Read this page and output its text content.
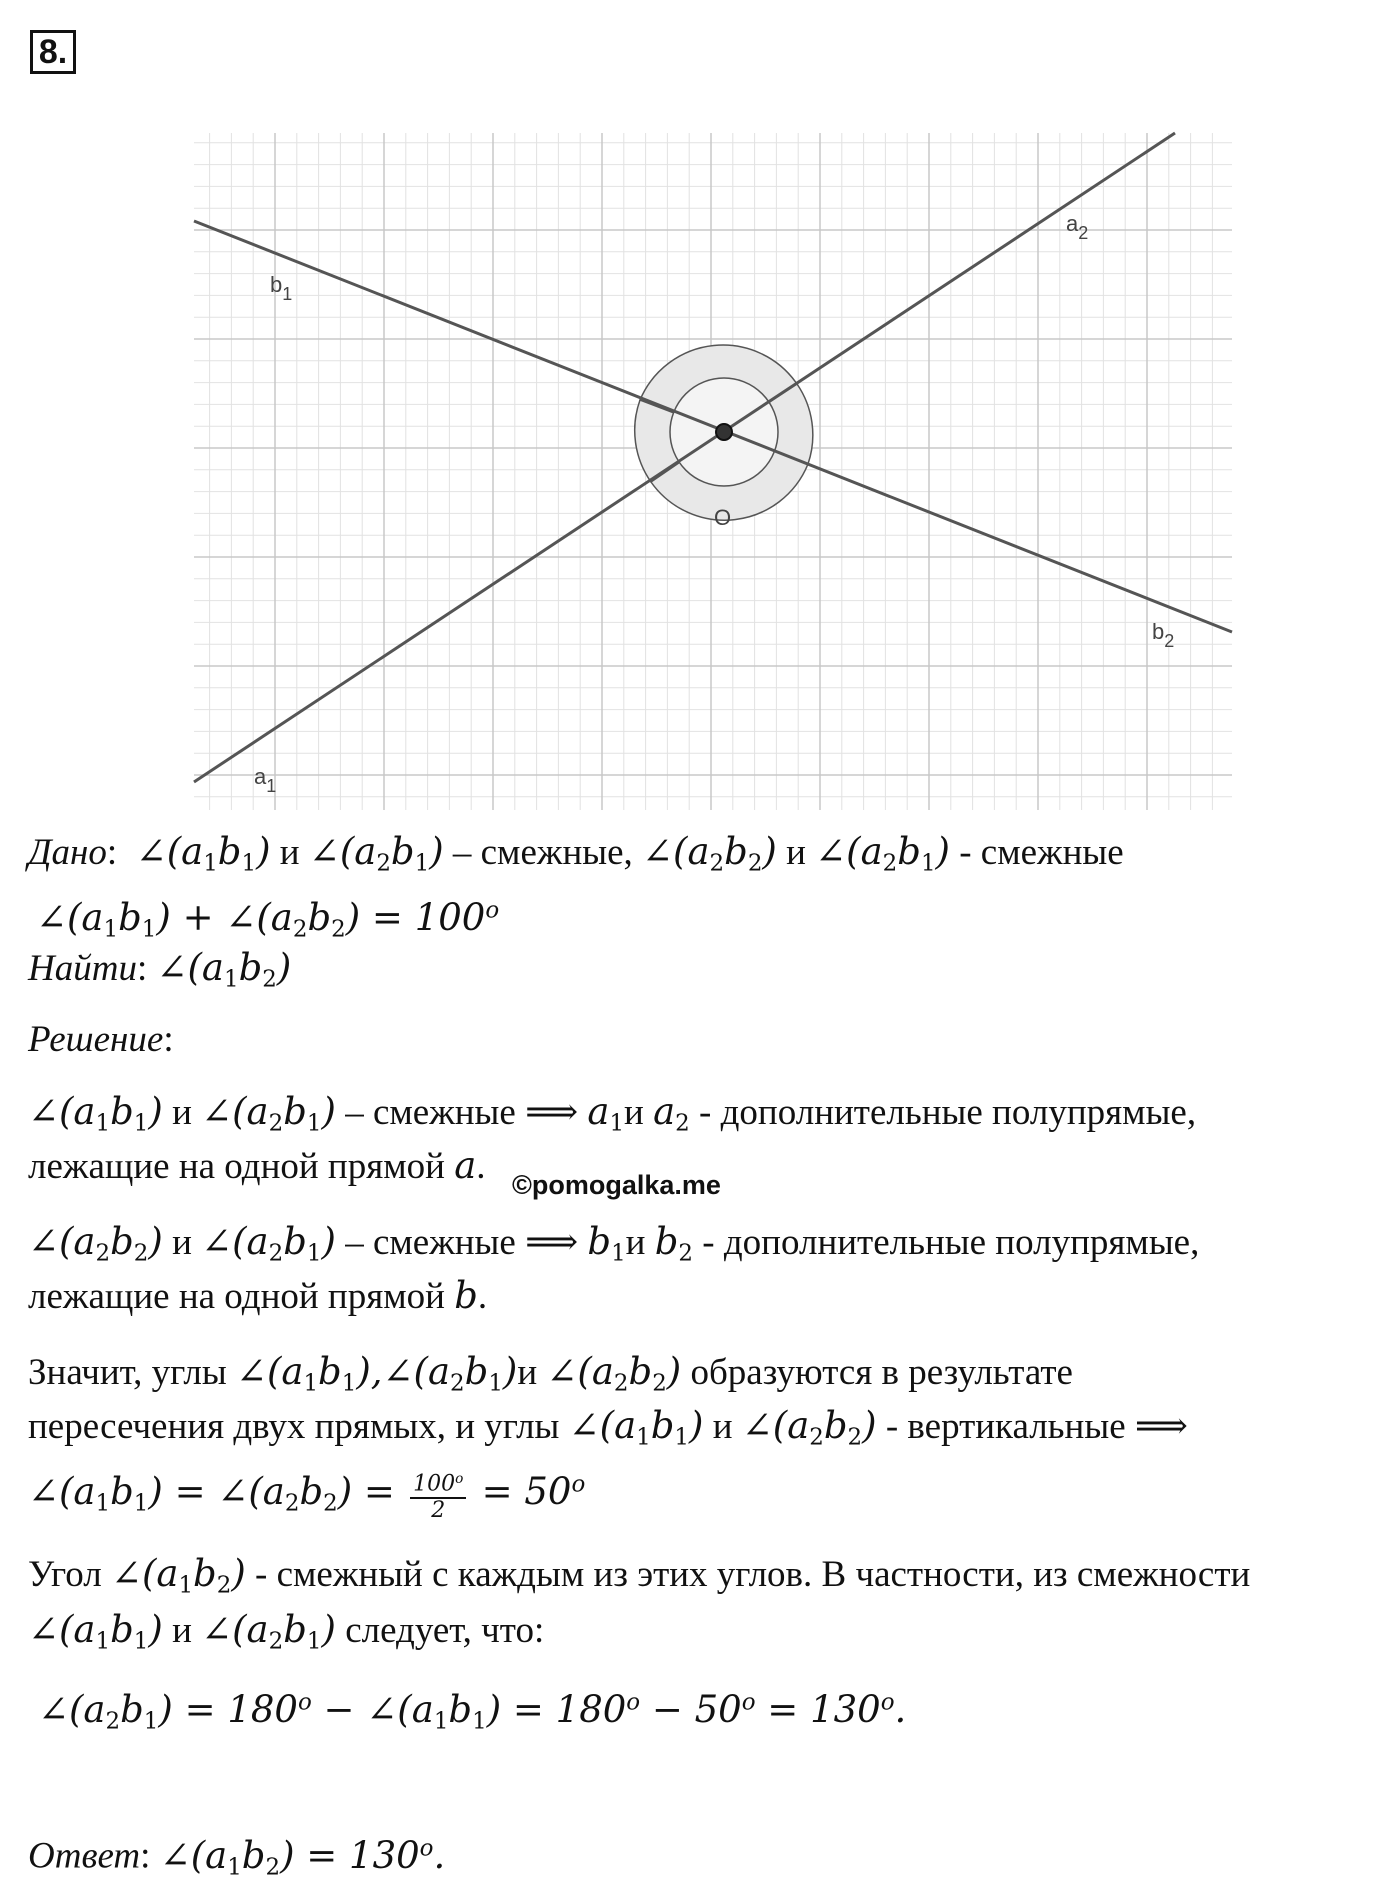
8.
O
$b_1$
$a_2$
$b_2$
$a_1$
Дано:  $\angle(a_1b_1)$ и $\angle(a_2b_1)$ – смежные, $\angle(a_2b_2)$ и $\angle(a_2b_1)$ - смежные
$\angle(a_1b_1)$ + $\angle(a_2b_2) = 100^o$
Найти: $\angle(a_1b_2)$
Решение:
$\angle(a_1b_1)$ и $\angle(a_2b_1)$ – смежные ⟹ $a_1и$ $a_2$ - дополнительные полупрямые,
лежащие на одной прямой a. ©pomogalka.me
$\angle(a_2b_2)$ и $\angle(a_2b_1)$ – смежные ⟹ $b_1и$ $b_2$ - дополнительные полупрямые,
лежащие на одной прямой b.
Значит, углы $\angle(a_1b_1),\angle(a_2b_1)и$ $\angle(a_2b_2)$ образуются в результате
пересечения двух прямых, и углы $\angle(a_1b_1)$ и $\angle(a_2b_2)$ - вертикальные ⟹
$\angle(a_1b_1)$ = $\angle(a_2b_2) = \frac{100^o}{2} = 50^o$
Угол $\angle(a_1b_2)$ - смежный с каждым из этих углов. В частности, из смежности
$\angle(a_1b_1)$ и $\angle(a_2b_1)$ следует, что:
$\angle(a_2b_1) = 180^o$ − $\angle(a_1b_1) = 180^o - 50^o = 130^o$.
Ответ: $\angle(a_1b_2) = 130^o$.
